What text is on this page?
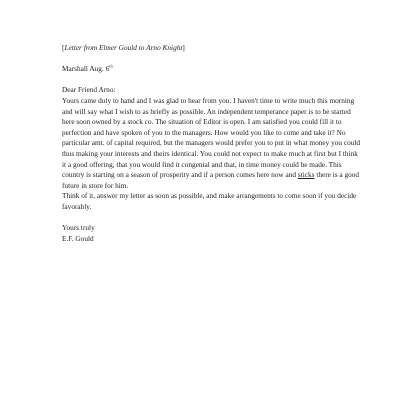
[Letter from Elmer Gould to Arno Knight]
Marshall Aug. 6th
Dear Friend Arno:
Yours came duly to hand and I was glad to hear from you. I haven't time to write much this morning and will say what I wish to as briefly as possible. An independent temperance paper is to be started here soon owned by a stock co. The situation of Editor is open. I am satisfied you could fill it to perfection and have spoken of you to the managers. How would you like to come and take it? No particular amt. of capital required, but the managers would prefer you to put in what money you could thus making your interests and theirs identical. You could not expect to make much at first but I think it a good offering, that you would find it congenial and that, in time money could be made. This country is starting on a season of prosperity and if a person comes here now and sticks there is a good future in store for him.
Think of it, answer my letter as soon as possible, and make arrangements to come soon if you decide favorably.
Yours truly
E.F. Gould
